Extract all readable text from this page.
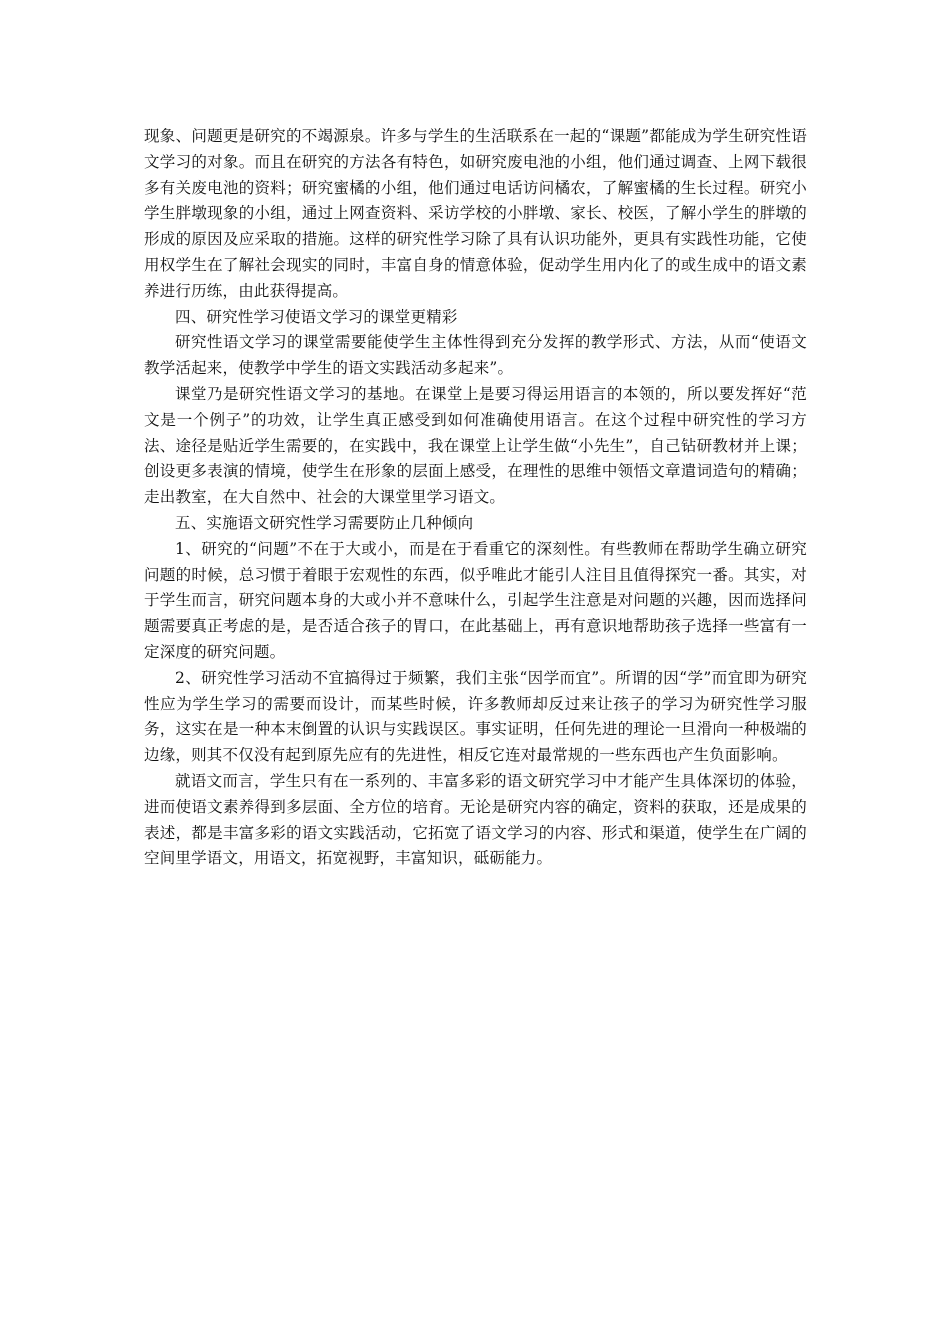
现象、问题更是研究的不竭源泉。许多与学生的生活联系在一起的“课题”都能成为学生研究性语文学习的对象。而且在研究的方法各有特色，如研究废电池的小组，他们通过调查、上网下载很多有关废电池的资料；研究蜜橘的小组，他们通过电话访问橘农，了解蜜橘的生长过程。研究小学生胖墩现象的小组，通过上网查资料、采访学校的小胖墩、家长、校医，了解小学生的胖墩的形成的原因及应采取的措施。这样的研究性学习除了具有认识功能外，更具有实践性功能，它使用权学生在了解社会现实的同时，丰富自身的情意体验，促动学生用内化了的或生成中的语文素养进行历练，由此获得提高。

四、研究性学习使语文学习的课堂更精彩

研究性语文学习的课堂需要能使学生主体性得到充分发挥的教学形式、方法，从而“使语文教学活起来，使教学中学生的语文实践活动多起来”。

课堂乃是研究性语文学习的基地。在课堂上是要习得运用语言的本领的，所以要发挥好“范文是一个例子”的功效，让学生真正感受到如何准确使用语言。在这个过程中研究性的学习方法、途径是贴近学生需要的，在实践中，我在课堂上让学生做“小先生”，自己钻研教材并上课；创设更多表演的情境，使学生在形象的层面上感受，在理性的思维中领悟文章遣词造句的精确；走出教室，在大自然中、社会的大课堂里学习语文。

五、实施语文研究性学习需要防止几种倾向

1、研究的“问题”不在于大或小，而是在于看重它的深刻性。有些教师在帮助学生确立研究问题的时候，总习惯于着眼于宏观性的东西，似乎唯此才能引人注目且值得探究一番。其实，对于学生而言，研究问题本身的大或小并不意味什么，引起学生注意是对问题的兴趣，因而选择问题需要真正考虑的是，是否适合孩子的胃口，在此基础上，再有意识地帮助孩子选择一些富有一定深度的研究问题。

2、研究性学习活动不宜搞得过于频繁，我们主张“因学而宜”。所谓的因“学”而宜即为研究性应为学生学习的需要而设计，而某些时候，许多教师却反过来让孩子的学习为研究性学习服务，这实在是一种本末倒置的认识与实践误区。事实证明，任何先进的理论一旦滑向一种极端的边缘，则其不仅没有起到原先应有的先进性，相反它连对最常规的一些东西也产生负面影响。

就语文而言，学生只有在一系列的、丰富多彩的语文研究学习中才能产生具体深切的体验，进而使语文素养得到多层面、全方位的培育。无论是研究内容的确定，资料的获取，还是成果的表述，都是丰富多彩的语文实践活动，它拓宽了语文学习的内容、形式和渠道，使学生在广阔的空间里学语文，用语文，拓宽视野，丰富知识，砥砺能力。
